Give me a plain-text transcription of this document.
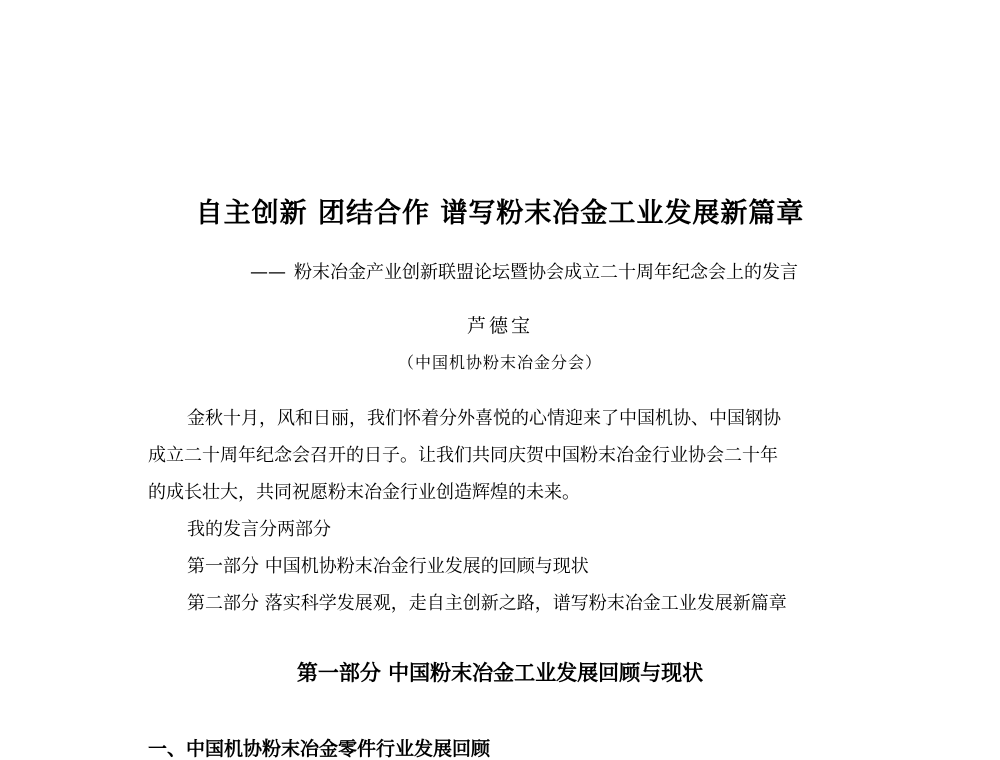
自主创新 团结合作 谱写粉末冶金工业发展新篇章
—— 粉末冶金产业创新联盟论坛暨协会成立二十周年纪念会上的发言
芦德宝
（中国机协粉末冶金分会）

金秋十月，风和日丽，我们怀着分外喜悦的心情迎来了中国机协、中国钢协

成立二十周年纪念会召开的日子。让我们共同庆贺中国粉末冶金行业协会二十年

的成长壮大，共同祝愿粉末冶金行业创造辉煌的未来。

我的发言分两部分

第一部分 中国机协粉末冶金行业发展的回顾与现状

第二部分 落实科学发展观，走自主创新之路，谱写粉末冶金工业发展新篇章

第一部分 中国粉末冶金工业发展回顾与现状
一、中国机协粉末冶金零件行业发展回顾
